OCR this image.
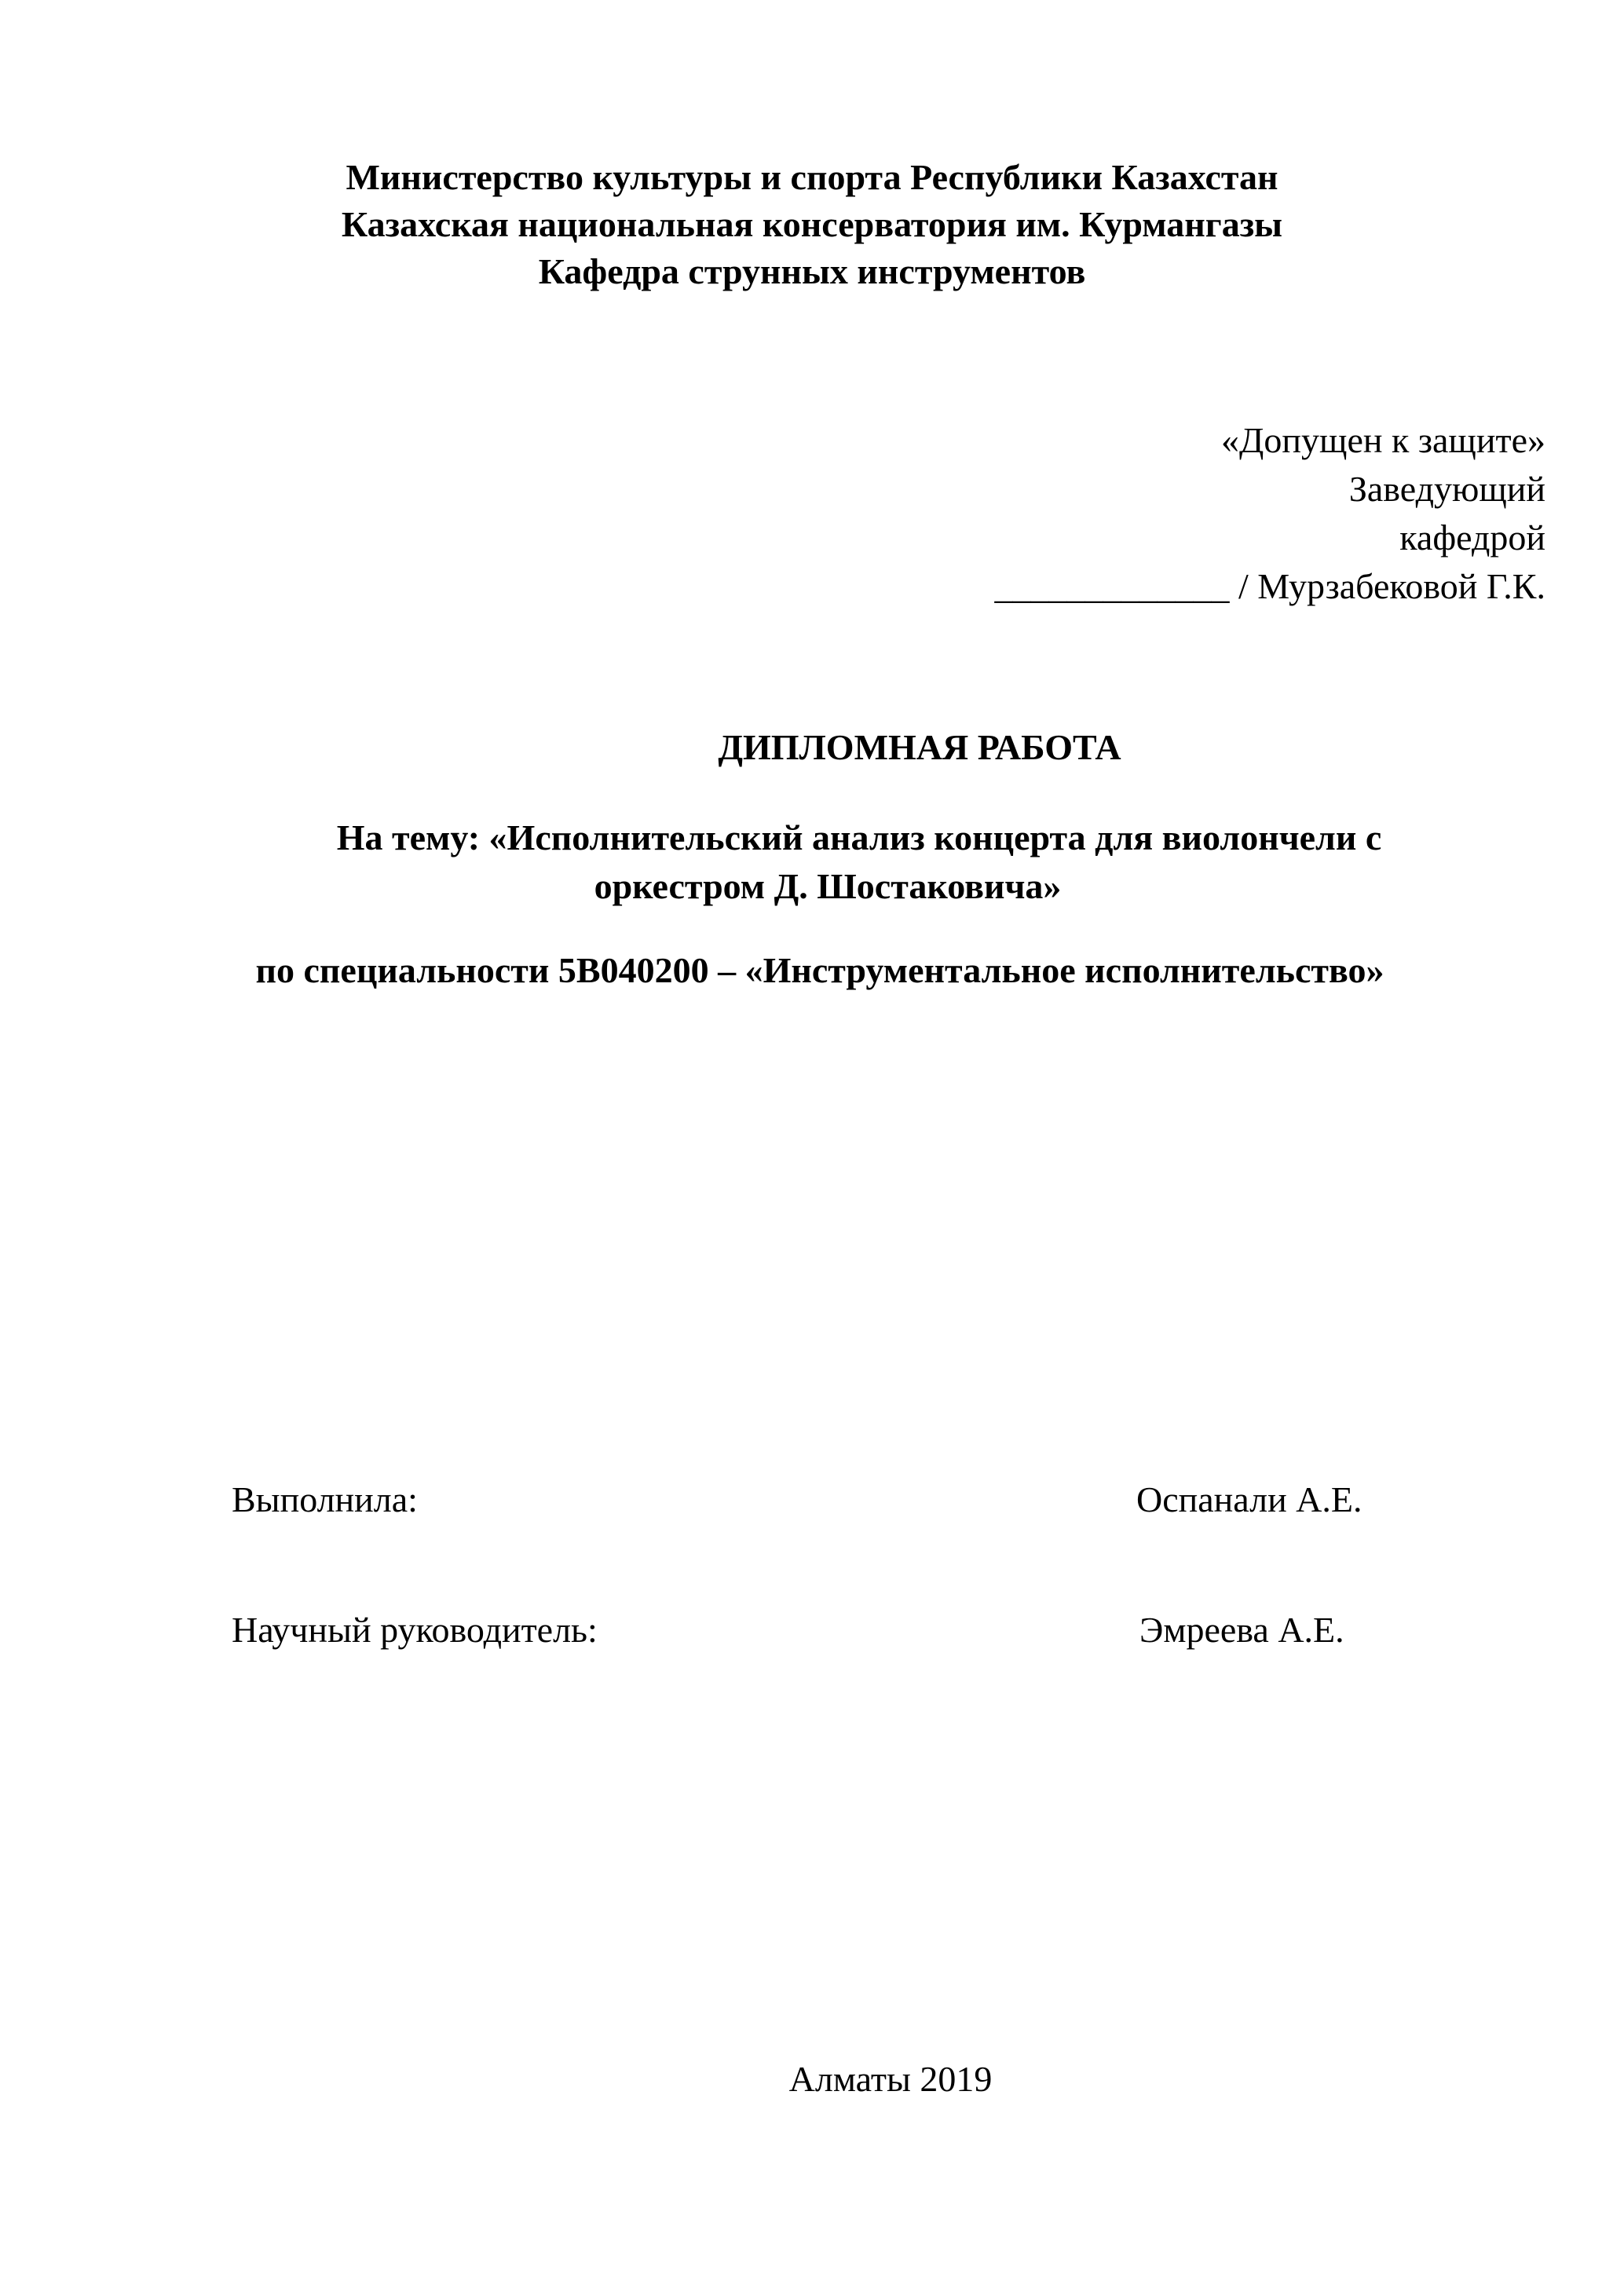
Министерство культуры и спорта Республики Казахстан
Казахская национальная консерватория им. Курмангазы
Кафедра струнных инструментов
«Допущен к защите»
Заведующий
кафедрой
_____________ / Мурзабековой Г.К.
ДИПЛОМНАЯ РАБОТА
На тему: «Исполнительский анализ концерта для виолончели с
оркестром Д. Шостаковича»
по специальности 5В040200 – «Инструментальное исполнительство»
Выполнила:	Оспанали А.Е.
Научный руководитель:	Эмреева А.Е.
Алматы 2019
